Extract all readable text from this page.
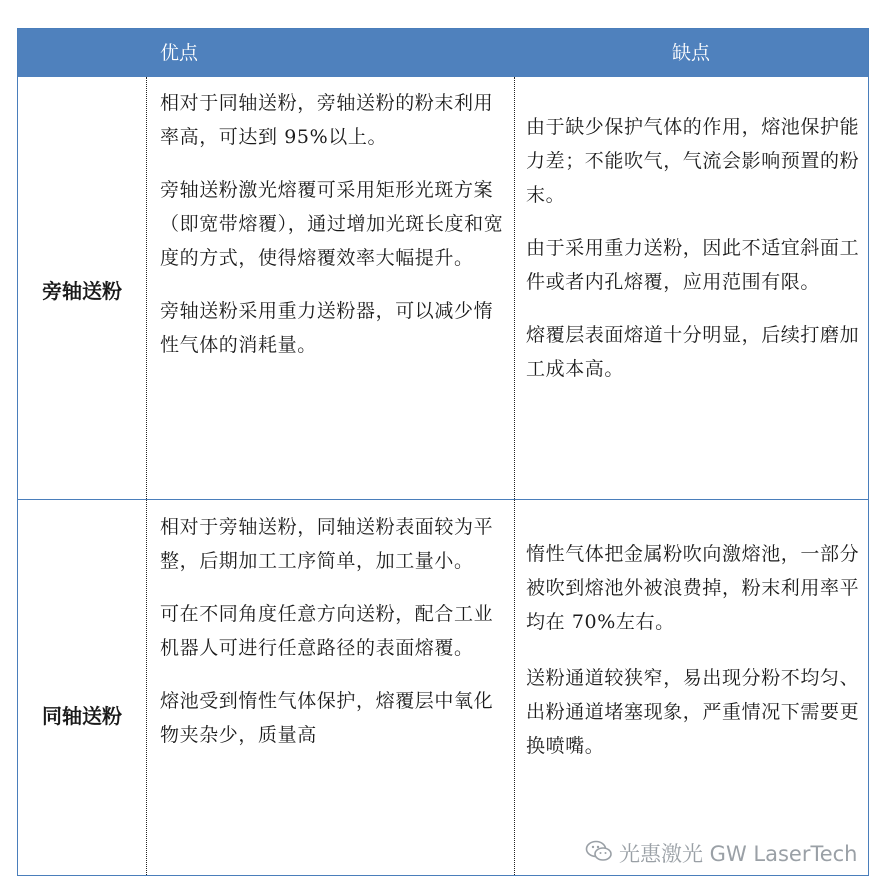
优点	缺点
旁轴送粉

相对于同轴送粉，旁轴送粉的粉末利用率高，可达到 95%以上。

旁轴送粉激光熔覆可采用矩形光斑方案（即宽带熔覆），通过增加光斑长度和宽度的方式，使得熔覆效率大幅提升。

旁轴送粉采用重力送粉器，可以减少惰性气体的消耗量。

由于缺少保护气体的作用，熔池保护能力差；不能吹气，气流会影响预置的粉末。

由于采用重力送粉，因此不适宜斜面工件或者内孔熔覆，应用范围有限。

熔覆层表面熔道十分明显，后续打磨加工成本高。

同轴送粉

相对于旁轴送粉，同轴送粉表面较为平整，后期加工工序简单，加工量小。

可在不同角度任意方向送粉，配合工业机器人可进行任意路径的表面熔覆。

熔池受到惰性气体保护，熔覆层中氧化物夹杂少，质量高

惰性气体把金属粉吹向激熔池，一部分被吹到熔池外被浪费掉，粉末利用率平均在 70%左右。

送粉通道较狭窄，易出现分粉不均匀、出粉通道堵塞现象，严重情况下需要更换喷嘴。

光惠激光 GW LaserTech
